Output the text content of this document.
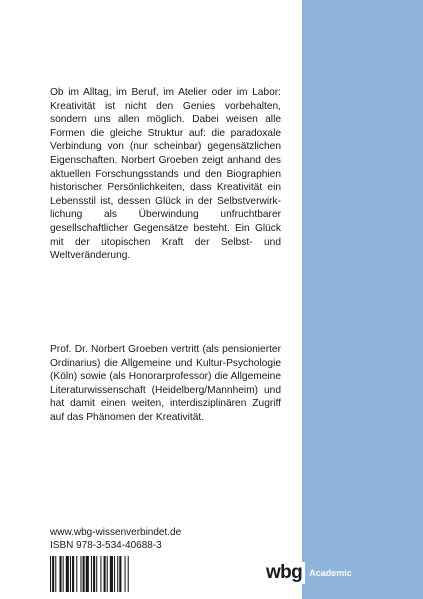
Ob im Alltag, im Beruf, im Atelier oder im Labor: Kreativität ist nicht den Genies vorbehalten, sondern uns allen möglich. Dabei weisen alle Formen die gleiche Struktur auf: die paradoxale Verbindung von (nur scheinbar) gegensätzlichen Eigenschaften. Norbert Groeben zeigt anhand des aktuellen Forschungsstands und den Biographien historischer Persönlichkeiten, dass Kreativität ein Lebensstil ist, dessen Glück in der Selbstverwirklichung als Überwindung unfruchtbarer gesellschaftlicher Gegensätze besteht. Ein Glück mit der utopischen Kraft der Selbst- und Weltveränderung.

Prof. Dr. Norbert Groeben vertritt (als pensionierter Ordinarius) die Allgemeine und Kultur-Psychologie (Köln) sowie (als Honorarprofessor) die Allgemeine Literaturwissenschaft (Heidelberg/Mannheim) und hat damit einen weiten, interdisziplinären Zugriff auf das Phänomen der Kreativität.

www.wbg-wissenverbindet.de
ISBN 978-3-534-40688-3
wbg Academic
